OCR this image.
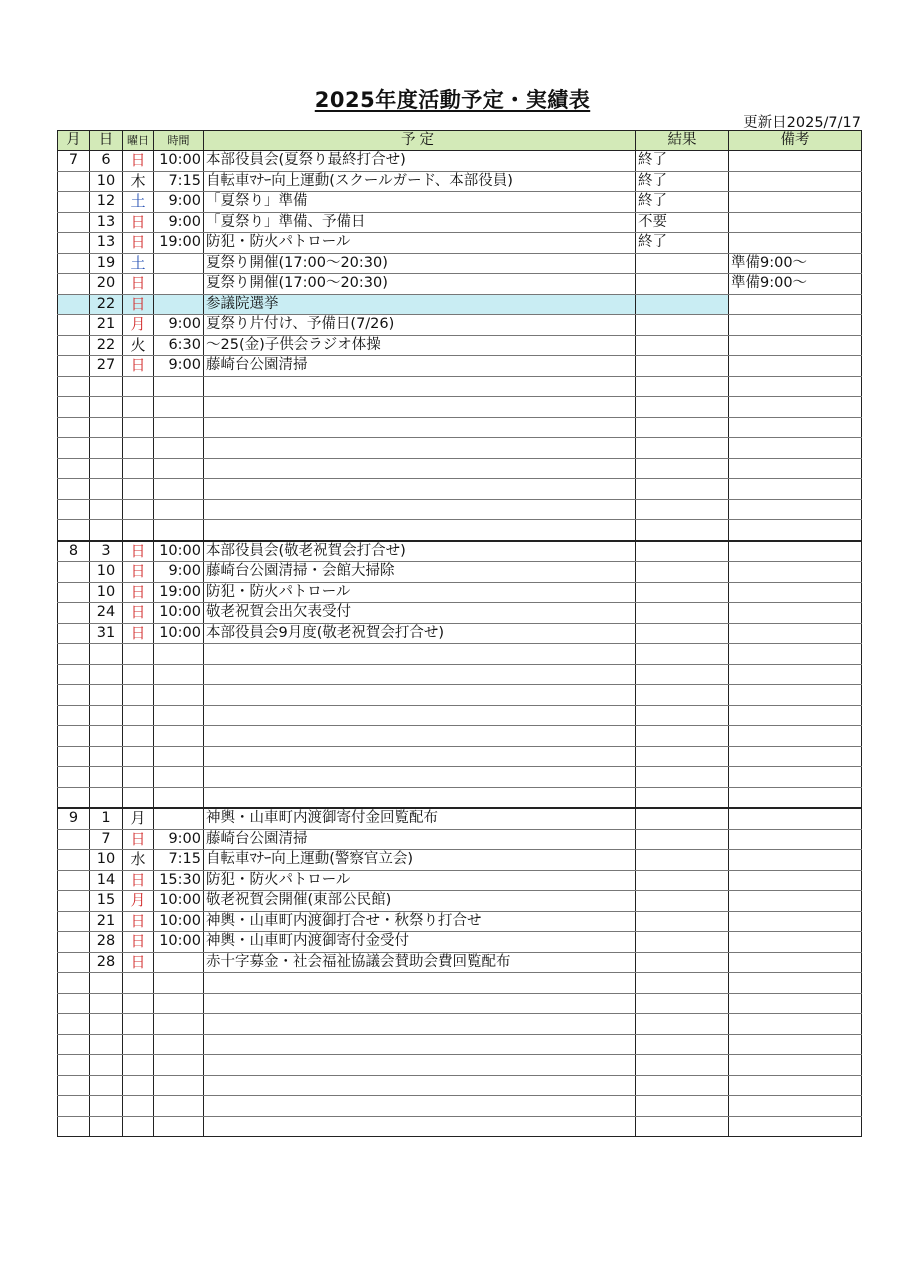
2025年度活動予定・実績表
更新日2025/7/17
月	日	曜日	時間	予定	結果	備考
7	6	日	10:00	本部役員会(夏祭り最終打合せ)	終了	
	10	木	7:15	自転車ﾏﾅｰ向上運動(スクールガード、本部役員)	終了	
	12	土	9:00	「夏祭り」準備	終了	
	13	日	9:00	「夏祭り」準備、予備日	不要	
	13	日	19:00	防犯・防火パトロール	終了	
	19	土		夏祭り開催(17:00～20:30)		準備9:00～
	20	日		夏祭り開催(17:00～20:30)		準備9:00～
	22	日		参議院選挙		
	21	月	9:00	夏祭り片付け、予備日(7/26)		
	22	火	6:30	～25(金)子供会ラジオ体操		
	27	日	9:00	藤崎台公園清掃		

8	3	日	10:00	本部役員会(敬老祝賀会打合せ)		
	10	日	9:00	藤崎台公園清掃・会館大掃除		
	10	日	19:00	防犯・防火パトロール		
	24	日	10:00	敬老祝賀会出欠表受付		
	31	日	10:00	本部役員会9月度(敬老祝賀会打合せ)		

9	1	月		神輿・山車町内渡御寄付金回覧配布		
	7	日	9:00	藤崎台公園清掃		
	10	水	7:15	自転車ﾏﾅｰ向上運動(警察官立会)		
	14	日	15:30	防犯・防火パトロール		
	15	月	10:00	敬老祝賀会開催(東部公民館)		
	21	日	10:00	神輿・山車町内渡御打合せ・秋祭り打合せ		
	28	日	10:00	神輿・山車町内渡御寄付金受付		
	28	日		赤十字募金・社会福祉協議会賛助会費回覧配布		
